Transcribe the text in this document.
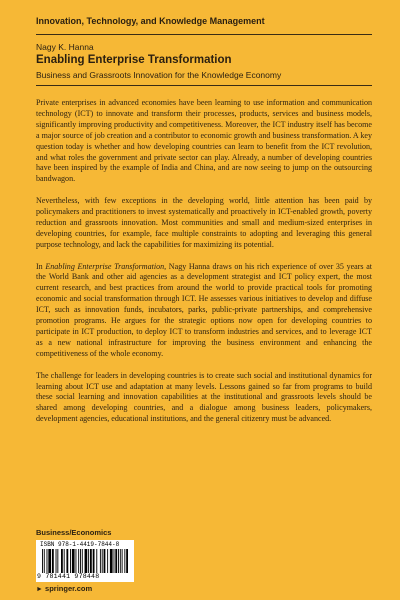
Innovation, Technology, and Knowledge Management
Nagy K. Hanna
Enabling Enterprise Transformation
Business and Grassroots Innovation for the Knowledge Economy

Private enterprises in advanced economies have been learning to use information and communication technology (ICT) to innovate and transform their processes, products, services and business models, significantly improving productivity and competitiveness. Moreover, the ICT industry itself has become a major source of job creation and a contributor to economic growth and business transformation. A key question today is whether and how developing countries can learn to benefit from the ICT revolution, and what roles the government and private sector can play. Already, a number of developing countries have been inspired by the example of India and China, and are now seeing to jump on the outsourcing bandwagon.

Nevertheless, with few exceptions in the developing world, little attention has been paid by policymakers and practitioners to invest systematically and proactively in ICT-enabled growth, poverty reduction and grassroots innovation. Most communities and small and medium-sized enterprises in developing countries, for example, face multiple constraints to adopting and leveraging this general purpose technology, and lack the capabilities for maximizing its potential.

In Enabling Enterprise Transformation, Nagy Hanna draws on his rich experience of over 35 years at the World Bank and other aid agencies as a development strategist and ICT policy expert, the most current research, and best practices from around the world to provide practical tools for promoting economic and social transformation through ICT. He assesses various initiatives to develop and diffuse ICT, such as innovation funds, incubators, parks, public-private partnerships, and comprehensive promotion programs. He argues for the strategic options now open for developing countries to participate in ICT production, to deploy ICT to transform industries and services, and to leverage ICT as a new national infrastructure for improving the business environment and enhancing the competitiveness of the whole economy.

The challenge for leaders in developing countries is to create such social and institutional dynamics for learning about ICT use and adaptation at many levels. Lessons gained so far from programs to build these social learning and innovation capabilities at the institutional and grassroots levels should be shared among developing countries, and a dialogue among business leaders, policymakers, development agencies, educational institutions, and the general citizenry must be advanced.

Business/Economics
ISBN 978-1-4419-7844-8
9 781441 978448
► springer.com
